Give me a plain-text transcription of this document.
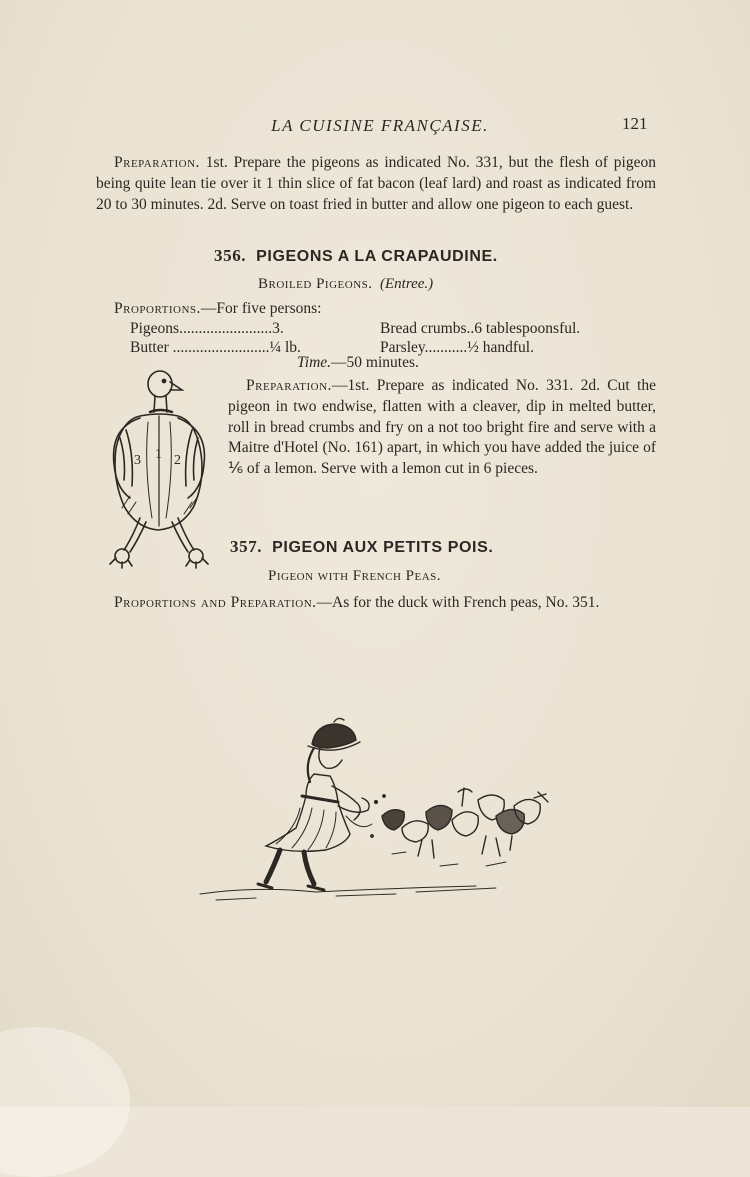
LA CUISINE FRANÇAISE.	121
Preparation. 1st. Prepare the pigeons as indicated No. 331, but the flesh of pigeon being quite lean tie over it 1 thin slice of fat bacon (leaf lard) and roast as indicated from 20 to 30 minutes. 2d. Serve on toast fried in butter and allow one pigeon to each guest.
356. PIGEONS A LA CRAPAUDINE.
Broiled Pigeons. (Entree.)
Proportions.—For five persons:
Pigeons........................3.	Bread crumbs..6 tablespoonsful.
Butter .........................¼ lb.	Parsley...........½ handful.
Time.—50 minutes.
3 1 2
Preparation.—1st. Prepare as indicated No. 331. 2d. Cut the pigeon in two endwise, flatten with a cleaver, dip in melted butter, roll in bread crumbs and fry on a not too bright fire and serve with a Maitre d'Hotel (No. 161) apart, in which you have added the juice of ⅙ of a lemon. Serve with a lemon cut in 6 pieces.
357. PIGEON AUX PETITS POIS.
Pigeon with French Peas.
Proportions and Preparation.—As for the duck with French peas, No. 351.
